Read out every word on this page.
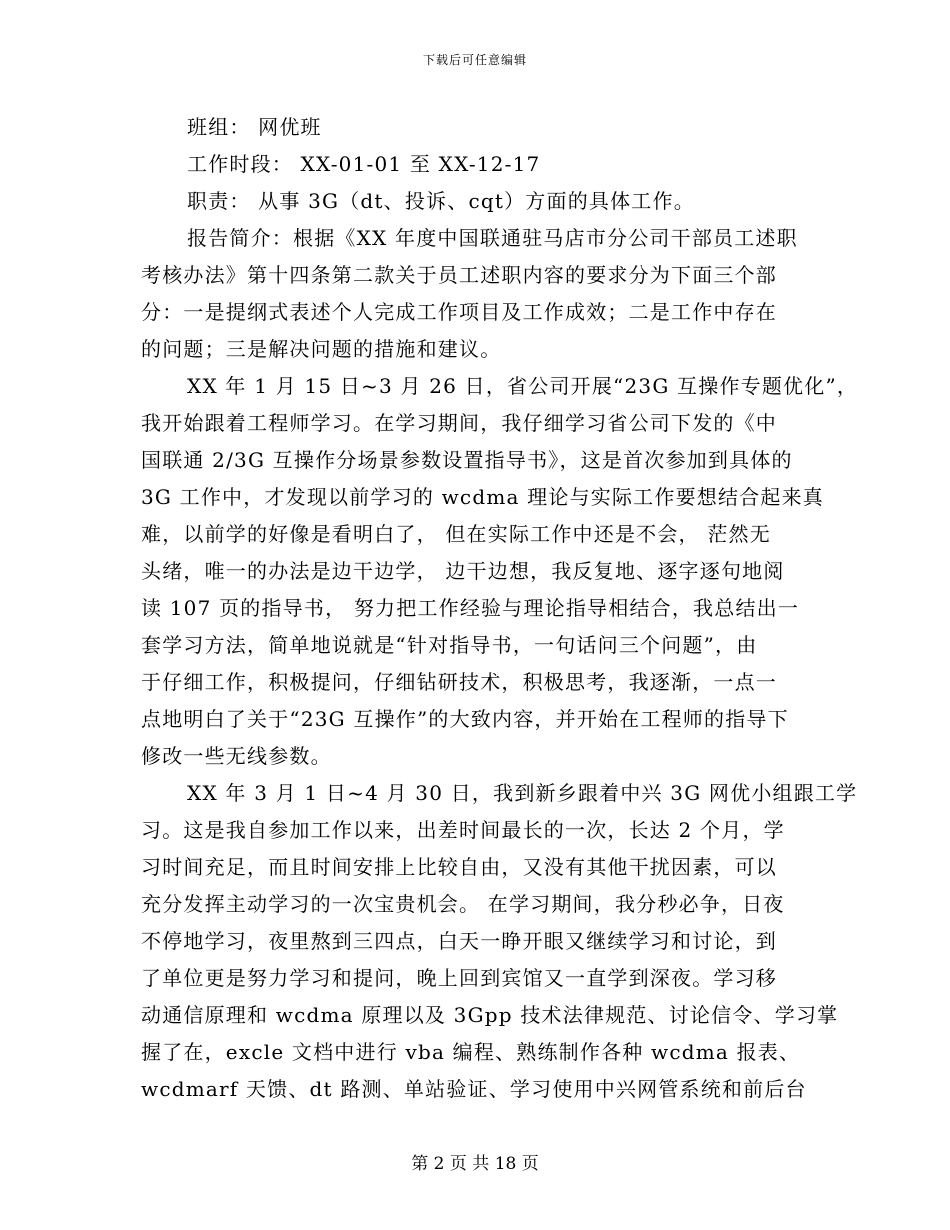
下载后可任意编辑
班组： 网优班
工作时段： XX-01-01 至 XX-12-17
职责： 从事 3G（dt、投诉、cqt）方面的具体工作。
报告简介：根据《XX 年度中国联通驻马店市分公司干部员工述职
考核办法》第十四条第二款关于员工述职内容的要求分为下面三个部
分：一是提纲式表述个人完成工作项目及工作成效；二是工作中存在
的问题；三是解决问题的措施和建议。
XX 年 1 月 15 日~3 月 26 日，省公司开展“23G 互操作专题优化”，
我开始跟着工程师学习。在学习期间，我仔细学习省公司下发的《中
国联通 2/3G 互操作分场景参数设置指导书》，这是首次参加到具体的
3G 工作中，才发现以前学习的 wcdma 理论与实际工作要想结合起来真
难，以前学的好像是看明白了， 但在实际工作中还是不会， 茫然无
头绪，唯一的办法是边干边学， 边干边想，我反复地、逐字逐句地阅
读 107 页的指导书， 努力把工作经验与理论指导相结合，我总结出一
套学习方法，简单地说就是“针对指导书，一句话问三个问题”，由
于仔细工作，积极提问，仔细钻研技术，积极思考，我逐渐，一点一
点地明白了关于“23G 互操作”的大致内容，并开始在工程师的指导下
修改一些无线参数。
XX 年 3 月 1 日~4 月 30 日，我到新乡跟着中兴 3G 网优小组跟工学
习。这是我自参加工作以来，出差时间最长的一次，长达 2 个月，学
习时间充足，而且时间安排上比较自由，又没有其他干扰因素，可以
充分发挥主动学习的一次宝贵机会。 在学习期间，我分秒必争，日夜
不停地学习，夜里熬到三四点，白天一睁开眼又继续学习和讨论，到
了单位更是努力学习和提问，晚上回到宾馆又一直学到深夜。学习移
动通信原理和 wcdma 原理以及 3Gpp 技术法律规范、讨论信令、学习掌
握了在，excle 文档中进行 vba 编程、熟练制作各种 wcdma 报表、
wcdmarf 天馈、dt 路测、单站验证、学习使用中兴网管系统和前后台
第 2 页 共 18 页
